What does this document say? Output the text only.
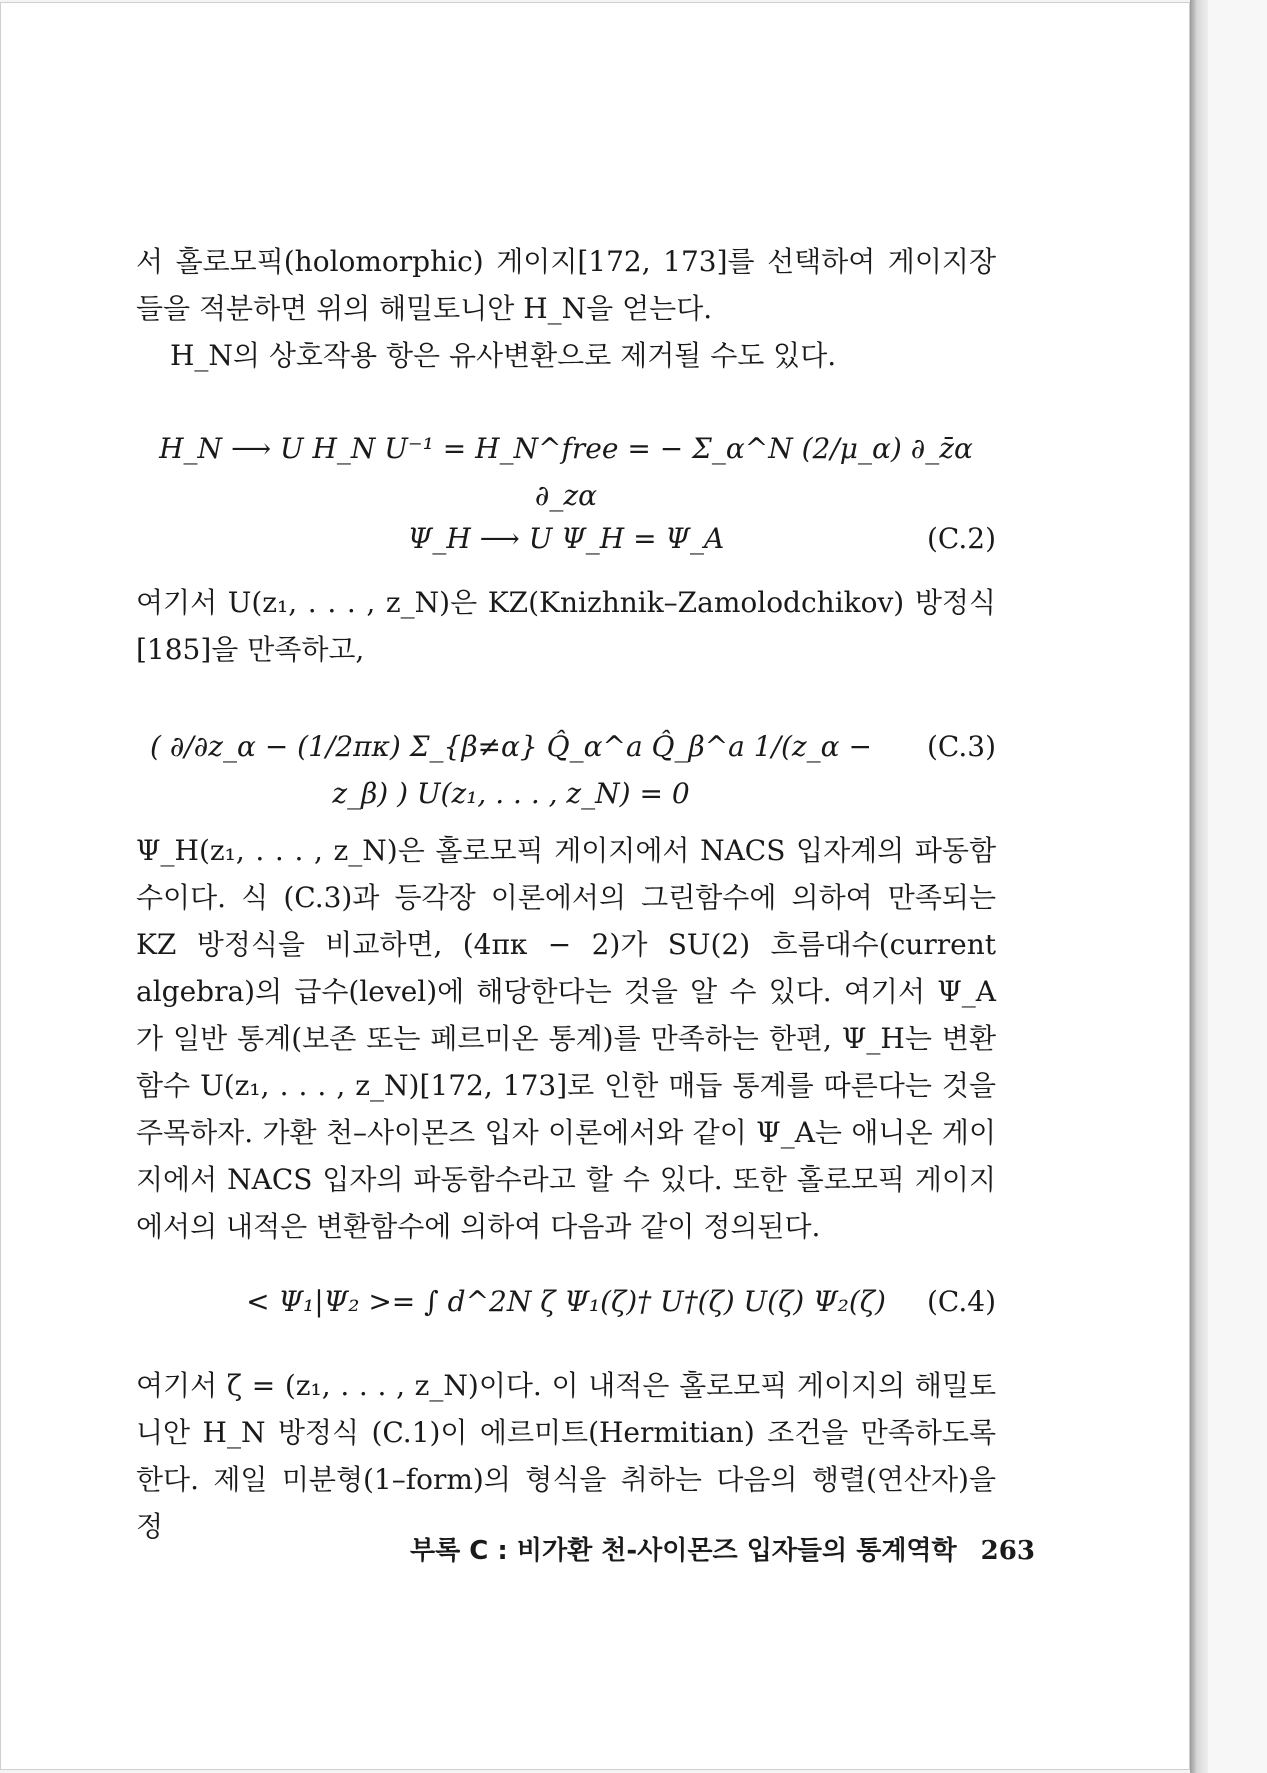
서 홀로모픽(holomorphic) 게이지[172, 173]를 선택하여 게이지장들을 적분하면 위의 해밀토니안 H_N을 얻는다.

H_N의 상호작용 항은 유사변환으로 제거될 수도 있다.

H_N ⟶ U H_N U⁻¹ = H_N^free = − Σ_α^N (2/μ_α) ∂_z̄α ∂_zα
Ψ_H ⟶ U Ψ_H = Ψ_A	(C.2)

여기서 U(z₁, . . . , z_N)은 KZ(Knizhnik–Zamolodchikov) 방정식[185]을 만족하고,

( ∂/∂z_α − (1/2πκ) Σ_{β≠α} Q̂_α^a Q̂_β^a 1/(z_α − z_β) ) U(z₁, . . . , z_N) = 0
(C.3)

Ψ_H(z₁, . . . , z_N)은 홀로모픽 게이지에서 NACS 입자계의 파동함수이다. 식 (C.3)과 등각장 이론에서의 그린함수에 의하여 만족되는 KZ 방정식을 비교하면, (4πκ − 2)가 SU(2) 흐름대수(current algebra)의 급수(level)에 해당한다는 것을 알 수 있다. 여기서 Ψ_A가 일반 통계(보존 또는 페르미온 통계)를 만족하는 한편, Ψ_H는 변환함수 U(z₁, . . . , z_N)[172, 173]로 인한 매듭 통계를 따른다는 것을 주목하자. 가환 천–사이몬즈 입자 이론에서와 같이 Ψ_A는 애니온 게이지에서 NACS 입자의 파동함수라고 할 수 있다. 또한 홀로모픽 게이지에서의 내적은 변환함수에 의하여 다음과 같이 정의된다.

< Ψ₁|Ψ₂ >= ∫ d^2N ζ Ψ₁(ζ)† U†(ζ) U(ζ) Ψ₂(ζ)	(C.4)

여기서 ζ = (z₁, . . . , z_N)이다. 이 내적은 홀로모픽 게이지의 해밀토니안 H_N 방정식 (C.1)이 에르미트(Hermitian) 조건을 만족하도록 한다. 제일 미분형(1–form)의 형식을 취하는 다음의 행렬(연산자)을 정

부록 C : 비가환 천-사이몬즈 입자들의 통계역학 263
